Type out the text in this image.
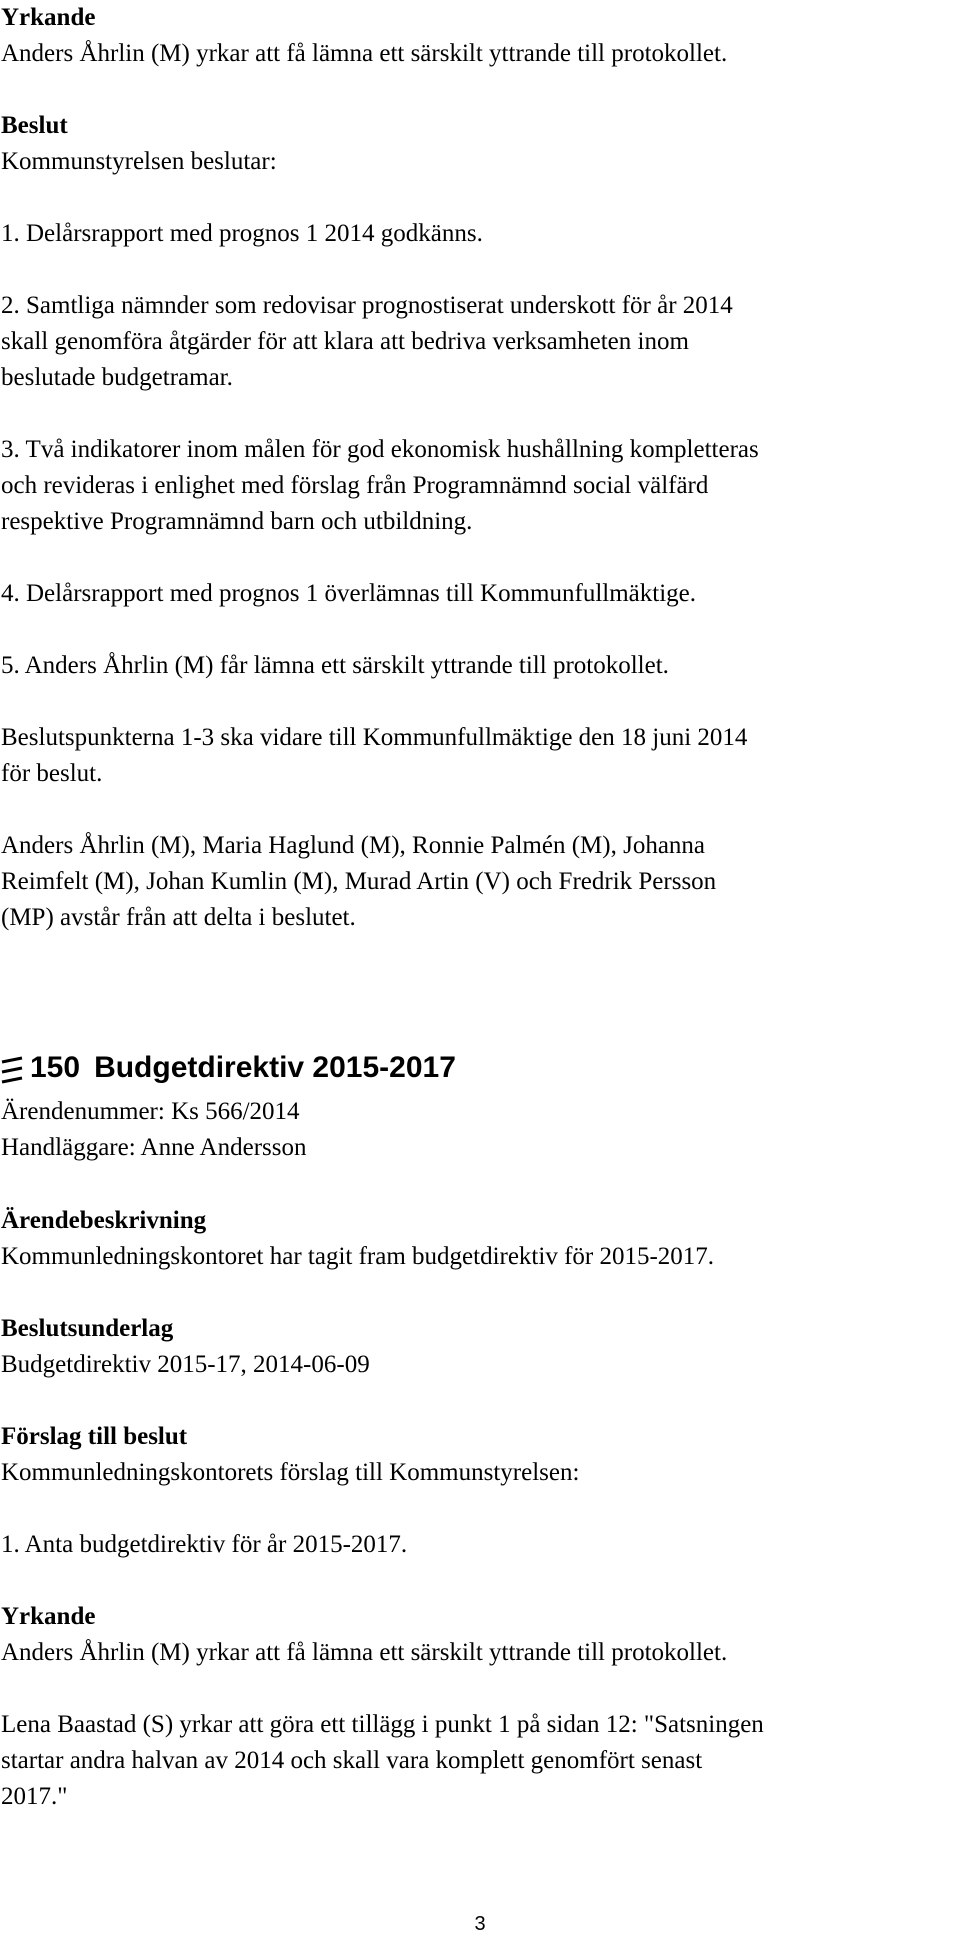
Yrkande

Anders Åhrlin (M) yrkar att få lämna ett särskilt yttrande till protokollet.

Beslut

Kommunstyrelsen beslutar:

1. Delårsrapport med prognos 1 2014 godkänns.

2. Samtliga nämnder som redovisar prognostiserat underskott för år 2014

skall genomföra åtgärder för att klara att bedriva verksamheten inom

beslutade budgetramar.

3. Två indikatorer inom målen för god ekonomisk hushållning kompletteras

och revideras i enlighet med förslag från Programnämnd social välfärd

respektive Programnämnd barn och utbildning.

4. Delårsrapport med prognos 1 överlämnas till Kommunfullmäktige.

5. Anders Åhrlin (M) får lämna ett särskilt yttrande till protokollet.

Beslutspunkterna 1-3 ska vidare till Kommunfullmäktige den 18 juni 2014

för beslut.

Anders Åhrlin (M), Maria Haglund (M), Ronnie Palmén (M), Johanna

Reimfelt (M), Johan Kumlin (M), Murad Artin (V) och Fredrik Persson

(MP) avstår från att delta i beslutet.

150 Budgetdirektiv 2015-2017

Ärendenummer: Ks 566/2014

Handläggare: Anne Andersson

Ärendebeskrivning

Kommunledningskontoret har tagit fram budgetdirektiv för 2015-2017.

Beslutsunderlag

Budgetdirektiv 2015-17, 2014-06-09

Förslag till beslut

Kommunledningskontorets förslag till Kommunstyrelsen:

1. Anta budgetdirektiv för år 2015-2017.

Yrkande

Anders Åhrlin (M) yrkar att få lämna ett särskilt yttrande till protokollet.

Lena Baastad (S) yrkar att göra ett tillägg i punkt 1 på sidan 12: "Satsningen

startar andra halvan av 2014 och skall vara komplett genomfört senast

2017."

3
